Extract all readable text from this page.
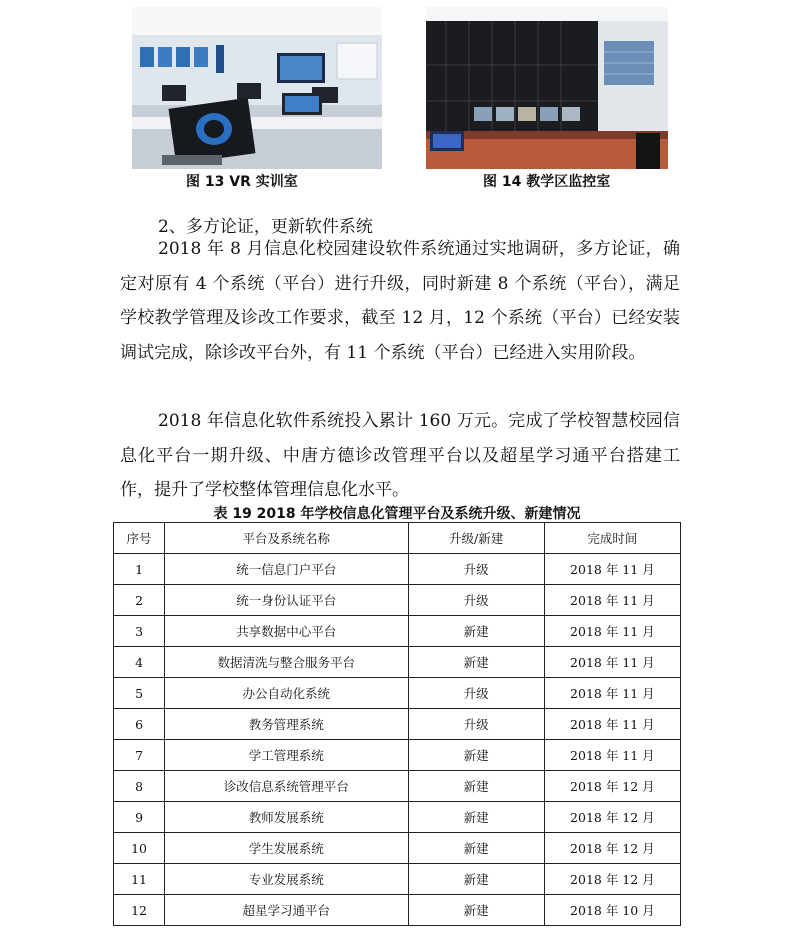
图 13 VR 实训室	图 14 教学区监控室
2、多方论证，更新软件系统

2018 年 8 月信息化校园建设软件系统通过实地调研，多方论证，确定对原有 4 个系统（平台）进行升级，同时新建 8 个系统（平台），满足学校教学管理及诊改工作要求，截至 12 月，12 个系统（平台）已经安装调试完成，除诊改平台外，有 11 个系统（平台）已经进入实用阶段。

2018 年信息化软件系统投入累计 160 万元。完成了学校智慧校园信息化平台一期升级、中唐方德诊改管理平台以及超星学习通平台搭建工作，提升了学校整体管理信息化水平。

表 19 2018 年学校信息化管理平台及系统升级、新建情况
序号	平台及系统名称	升级/新建	完成时间
1	统一信息门户平台	升级	2018 年 11 月
2	统一身份认证平台	升级	2018 年 11 月
3	共享数据中心平台	新建	2018 年 11 月
4	数据清洗与整合服务平台	新建	2018 年 11 月
5	办公自动化系统	升级	2018 年 11 月
6	教务管理系统	升级	2018 年 11 月
7	学工管理系统	新建	2018 年 11 月
8	诊改信息系统管理平台	新建	2018 年 12 月
9	教师发展系统	新建	2018 年 12 月
10	学生发展系统	新建	2018 年 12 月
11	专业发展系统	新建	2018 年 12 月
12	超星学习通平台	新建	2018 年 10 月
